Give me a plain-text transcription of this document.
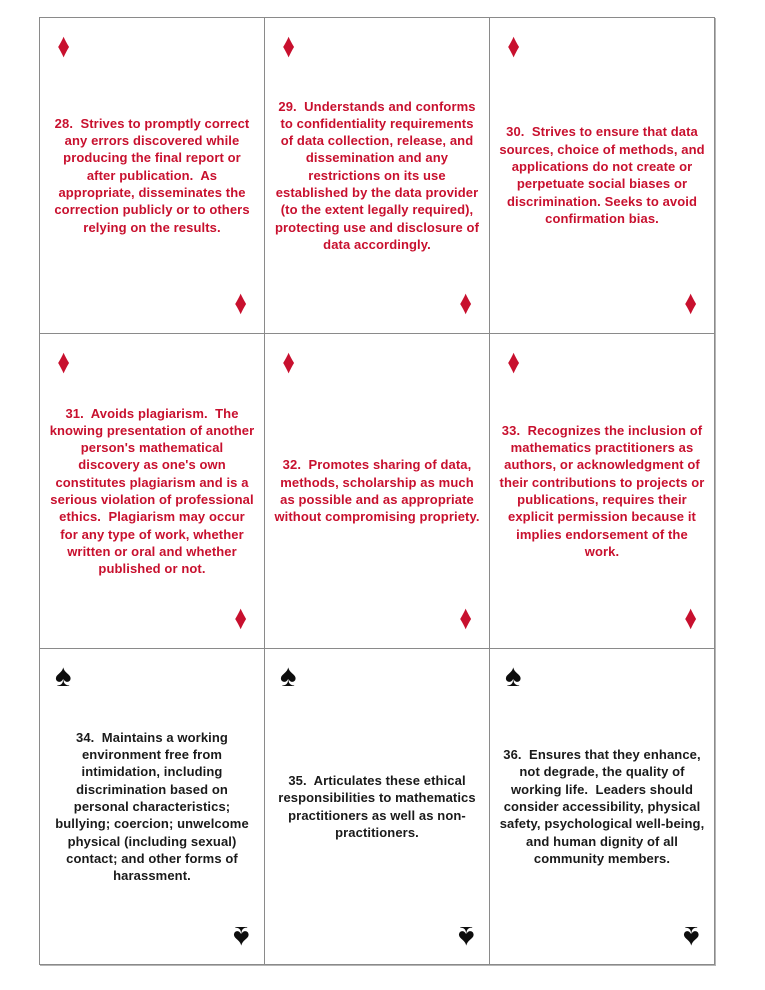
♦

28.  Strives to promptly correct any errors discovered while producing the final report or after publication.  As appropriate, disseminates the correction publicly or to others relying on the results.

♦
♦

29.  Understands and conforms to confidentiality requirements of data collection, release, and dissemination and any restrictions on its use established by the data provider (to the extent legally required), protecting use and disclosure of data accordingly.

♦
♦

30.  Strives to ensure that data sources, choice of methods, and applications do not create or perpetuate social biases or discrimination. Seeks to avoid confirmation bias.

♦
♦

31.  Avoids plagiarism.  The knowing presentation of another person's mathematical discovery as one's own constitutes plagiarism and is a serious violation of professional ethics.  Plagiarism may occur for any type of work, whether written or oral and whether published or not.

♦
♦

32.  Promotes sharing of data, methods, scholarship as much as possible and as appropriate without compromising propriety.

♦
♦

33.  Recognizes the inclusion of mathematics practitioners as authors, or acknowledgment of their contributions to projects or publications, requires their explicit permission because it implies endorsement of the work.

♦
♠

34.  Maintains a working environment free from intimidation, including discrimination based on personal characteristics; bullying; coercion; unwelcome physical (including sexual) contact; and other forms of harassment.

♠
♠

35.  Articulates these ethical responsibilities to mathematics practitioners as well as non-practitioners.

♠
♠

36.  Ensures that they enhance, not degrade, the quality of working life.  Leaders should consider accessibility, physical safety, psychological well-being, and human dignity of all community members.

♠
